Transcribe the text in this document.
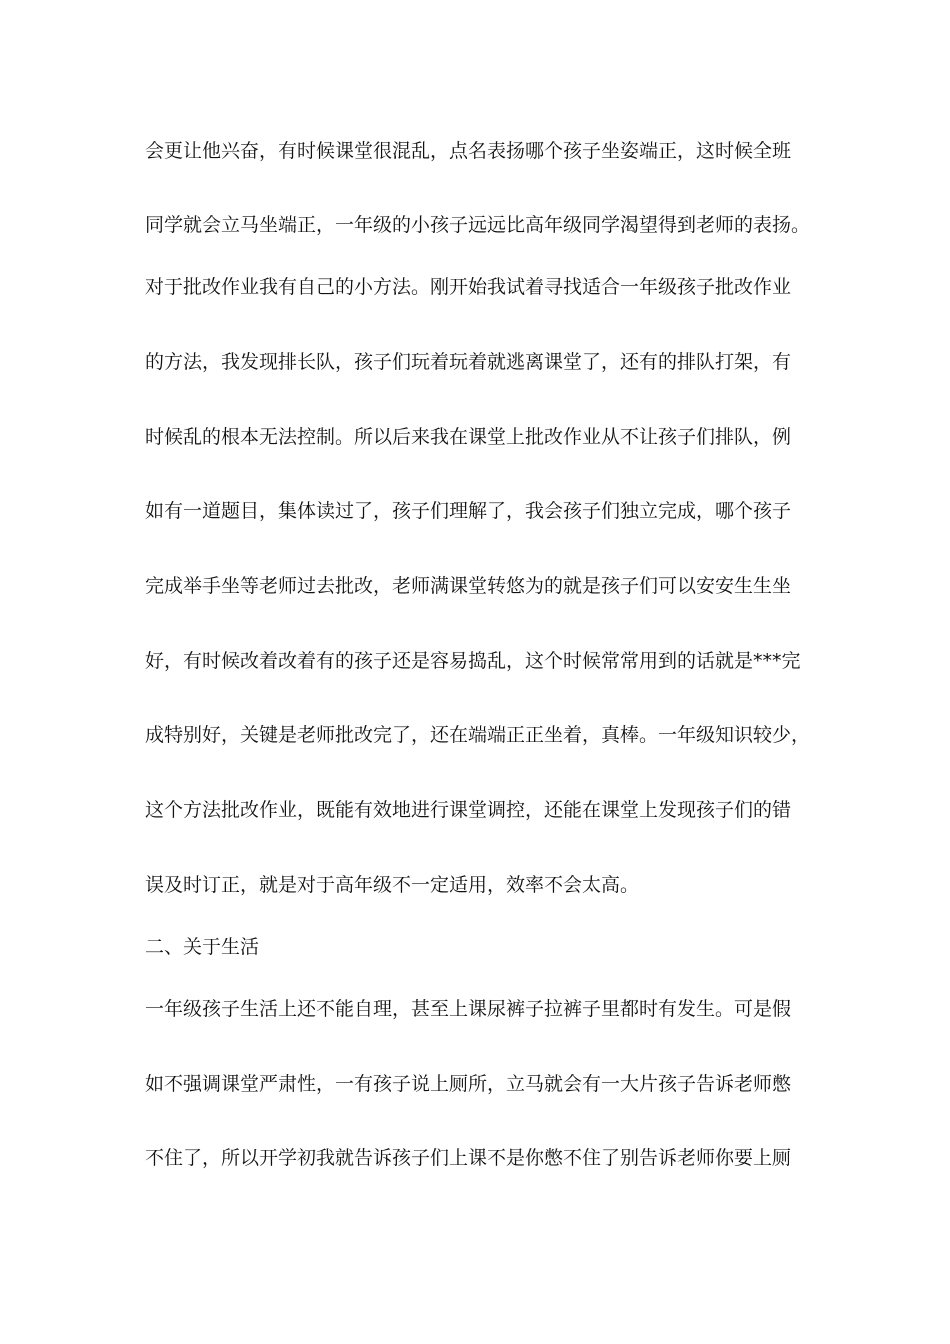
会更让他兴奋，有时候课堂很混乱，点名表扬哪个孩子坐姿端正，这时候全班
同学就会立马坐端正，一年级的小孩子远远比高年级同学渴望得到老师的表扬。
对于批改作业我有自己的小方法。刚开始我试着寻找适合一年级孩子批改作业
的方法，我发现排长队，孩子们玩着玩着就逃离课堂了，还有的排队打架，有
时候乱的根本无法控制。所以后来我在课堂上批改作业从不让孩子们排队，例
如有一道题目，集体读过了，孩子们理解了，我会孩子们独立完成，哪个孩子
完成举手坐等老师过去批改，老师满课堂转悠为的就是孩子们可以安安生生坐
好，有时候改着改着有的孩子还是容易捣乱，这个时候常常用到的话就是***完
成特别好，关键是老师批改完了，还在端端正正坐着，真棒。一年级知识较少，
这个方法批改作业，既能有效地进行课堂调控，还能在课堂上发现孩子们的错
误及时订正，就是对于高年级不一定适用，效率不会太高。
二、关于生活
一年级孩子生活上还不能自理，甚至上课尿裤子拉裤子里都时有发生。可是假
如不强调课堂严肃性，一有孩子说上厕所，立马就会有一大片孩子告诉老师憋
不住了，所以开学初我就告诉孩子们上课不是你憋不住了别告诉老师你要上厕
